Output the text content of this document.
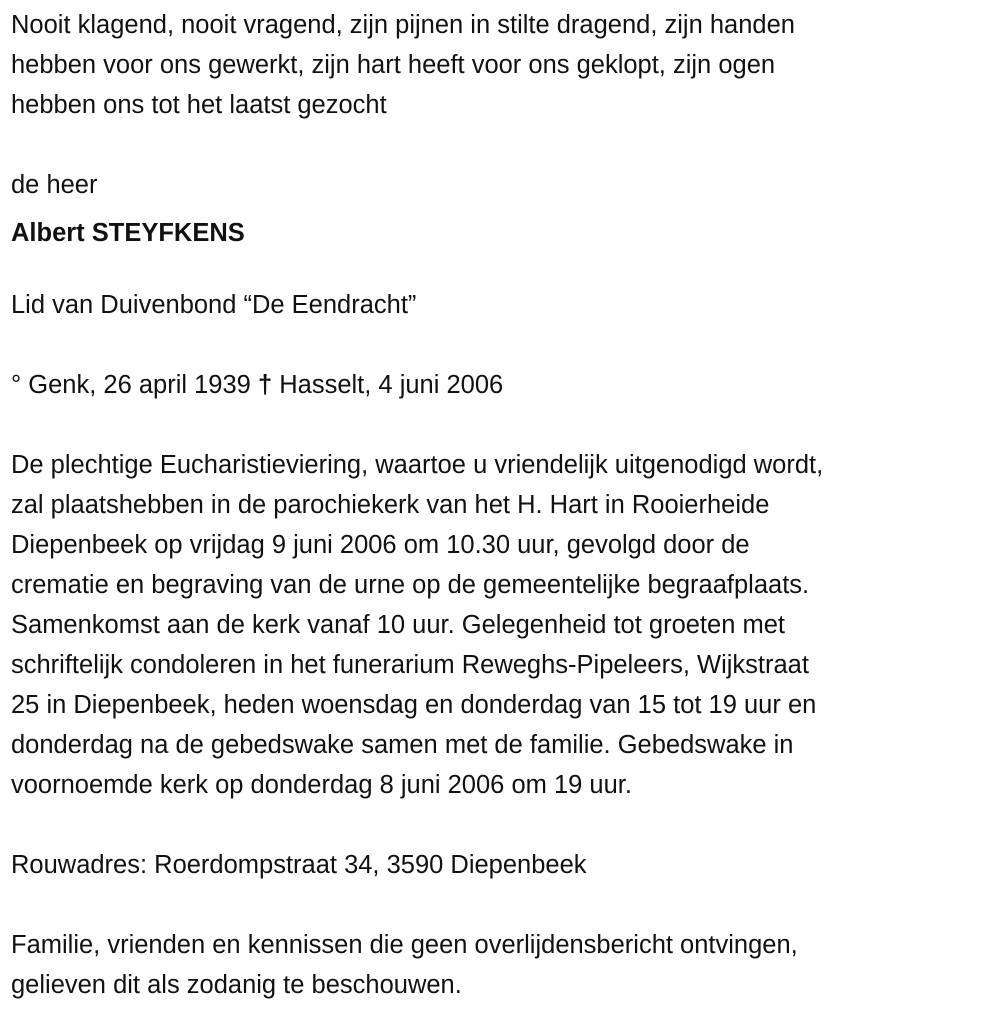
Nooit klagend, nooit vragend, zijn pijnen in stilte dragend, zijn handen
hebben voor ons gewerkt, zijn hart heeft voor ons geklopt, zijn ogen
hebben ons tot het laatst gezocht
de heer
Albert STEYFKENS
Lid van Duivenbond “De Eendracht”
° Genk, 26 april 1939 † Hasselt, 4 juni 2006
De plechtige Eucharistieviering, waartoe u vriendelijk uitgenodigd wordt,
zal plaatshebben in de parochiekerk van het H. Hart in Rooierheide
Diepenbeek op vrijdag 9 juni 2006 om 10.30 uur, gevolgd door de
crematie en begraving van de urne op de gemeentelijke begraafplaats.
Samenkomst aan de kerk vanaf 10 uur. Gelegenheid tot groeten met
schriftelijk condoleren in het funerarium Reweghs-Pipeleers, Wijkstraat
25 in Diepenbeek, heden woensdag en donderdag van 15 tot 19 uur en
donderdag na de gebedswake samen met de familie. Gebedswake in
voornoemde kerk op donderdag 8 juni 2006 om 19 uur.
Rouwadres: Roerdompstraat 34, 3590 Diepenbeek
Familie, vrienden en kennissen die geen overlijdensbericht ontvingen,
gelieven dit als zodanig te beschouwen.
